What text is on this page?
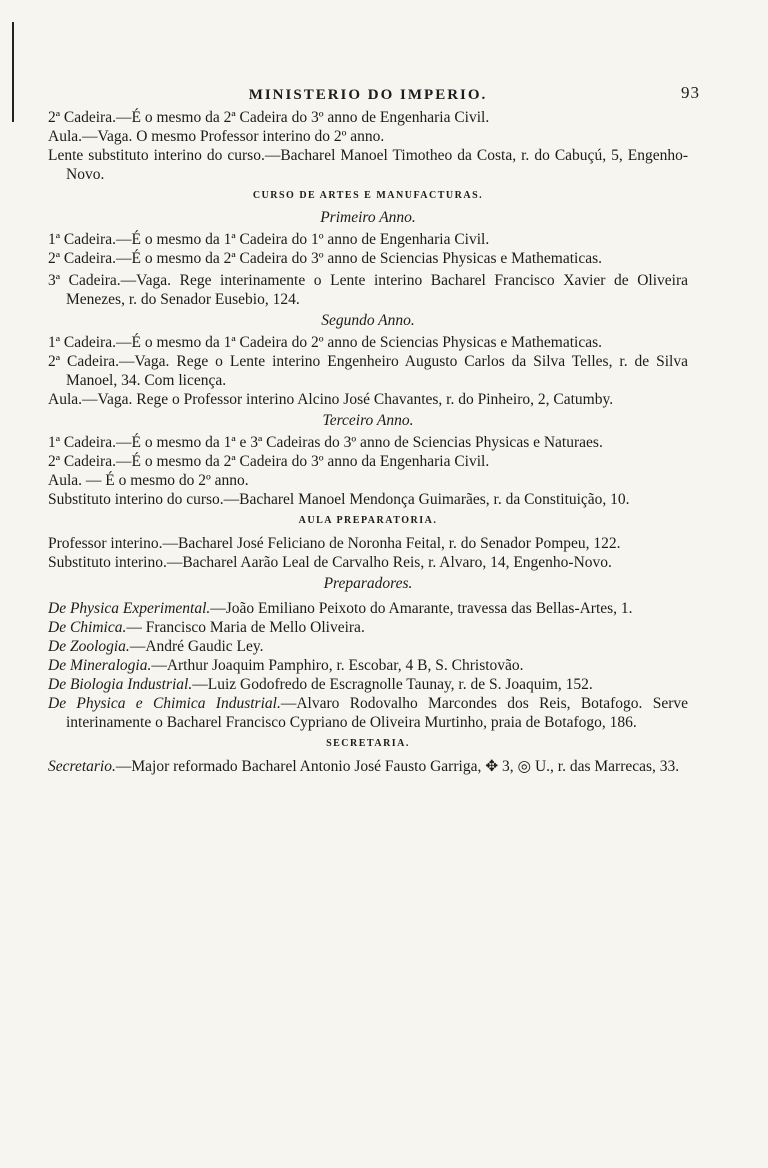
MINISTERIO DO IMPERIO.	93
2ª Cadeira.—É o mesmo da 2ª Cadeira do 3º anno de Engenharia Civil.
Aula.—Vaga. O mesmo Professor interino do 2º anno.
Lente substituto interino do curso.—Bacharel Manoel Timotheo da Costa, r. do Cabuçú, 5, Engenho-Novo.
CURSO DE ARTES E MANUFACTURAS.
Primeiro Anno.
1ª Cadeira.—É o mesmo da 1ª Cadeira do 1º anno de Engenharia Civil.
2ª Cadeira.—É o mesmo da 2ª Cadeira do 3º anno de Sciencias Physicas e Mathematicas.
3ª Cadeira.—Vaga. Rege interinamente o Lente interino Bacharel Francisco Xavier de Oliveira Menezes, r. do Senador Eusebio, 124.
Segundo Anno.
1ª Cadeira.—É o mesmo da 1ª Cadeira do 2º anno de Sciencias Physicas e Mathematicas.
2ª Cadeira.—Vaga. Rege o Lente interino Engenheiro Augusto Carlos da Silva Telles, r. de Silva Manoel, 34. Com licença.
Aula.—Vaga. Rege o Professor interino Alcino José Chavantes, r. do Pinheiro, 2, Catumby.
Terceiro Anno.
1ª Cadeira.—É o mesmo da 1ª e 3ª Cadeiras do 3º anno de Sciencias Physicas e Naturaes.
2ª Cadeira.—É o mesmo da 2ª Cadeira do 3º anno da Engenharia Civil.
Aula. — É o mesmo do 2º anno.
Substituto interino do curso.—Bacharel Manoel Mendonça Guimarães, r. da Constituição, 10.
AULA PREPARATORIA.
Professor interino.—Bacharel José Feliciano de Noronha Feital, r. do Senador Pompeu, 122.
Substituto interino.—Bacharel Aarão Leal de Carvalho Reis, r. Alvaro, 14, Engenho-Novo.
Preparadores.
De Physica Experimental.—João Emiliano Peixoto do Amarante, travessa das Bellas-Artes, 1.
De Chimica.— Francisco Maria de Mello Oliveira.
De Zoologia.—André Gaudic Ley.
De Mineralogia.—Arthur Joaquim Pamphiro, r. Escobar, 4 B, S. Christovão.
De Biologia Industrial.—Luiz Godofredo de Escragnolle Taunay, r. de S. Joaquim, 152.
De Physica e Chimica Industrial.—Alvaro Rodovalho Marcondes dos Reis, Botafogo. Serve interinamente o Bacharel Francisco Cypriano de Oliveira Murtinho, praia de Botafogo, 186.
SECRETARIA.
Secretario.—Major reformado Bacharel Antonio José Fausto Garriga, ✥ 3, ◎ U., r. das Marrecas, 33.
